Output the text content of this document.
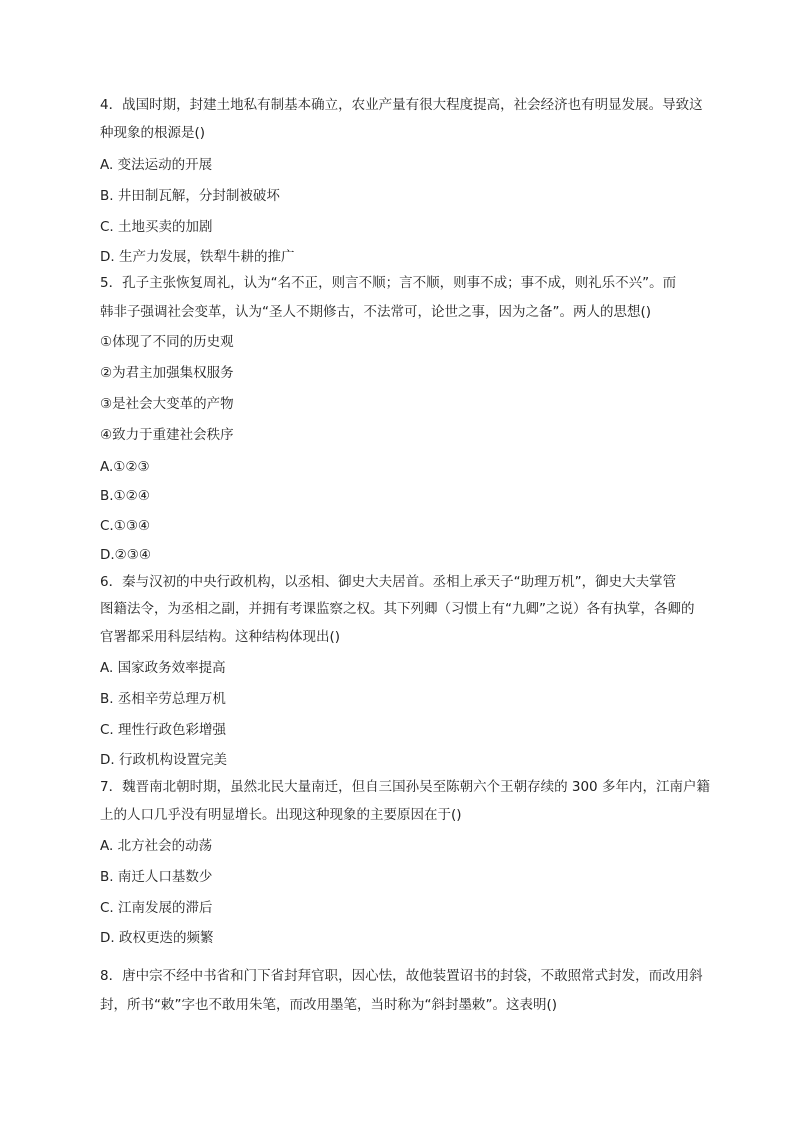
4．战国时期，封建土地私有制基本确立，农业产量有很大程度提高，社会经济也有明显发展。导致这
种现象的根源是()
A. 变法运动的开展
B. 井田制瓦解，分封制被破坏
C. 土地买卖的加剧
D. 生产力发展，铁犁牛耕的推广
5．孔子主张恢复周礼，认为“名不正，则言不顺；言不顺，则事不成；事不成，则礼乐不兴”。而
韩非子强调社会变革，认为“圣人不期修古，不法常可，论世之事，因为之备”。两人的思想()
①体现了不同的历史观
②为君主加强集权服务
③是社会大变革的产物
④致力于重建社会秩序
A.①②③
B.①②④
C.①③④
D.②③④
6．秦与汉初的中央行政机构，以丞相、御史大夫居首。丞相上承天子“助理万机”，御史大夫掌管
图籍法令，为丞相之副，并拥有考课监察之权。其下列卿（习惯上有“九卿”之说）各有执掌，各卿的
官署都采用科层结构。这种结构体现出()
A. 国家政务效率提高
B. 丞相辛劳总理万机
C. 理性行政色彩增强
D. 行政机构设置完美
7．魏晋南北朝时期，虽然北民大量南迁，但自三国孙吴至陈朝六个王朝存续的 300 多年内，江南户籍
上的人口几乎没有明显增长。出现这种现象的主要原因在于()
A. 北方社会的动荡
B. 南迁人口基数少
C. 江南发展的滞后
D. 政权更迭的频繁
8．唐中宗不经中书省和门下省封拜官职，因心怯，故他装置诏书的封袋，不敢照常式封发，而改用斜
封，所书“敕”字也不敢用朱笔，而改用墨笔，当时称为“斜封墨敕”。这表明()
